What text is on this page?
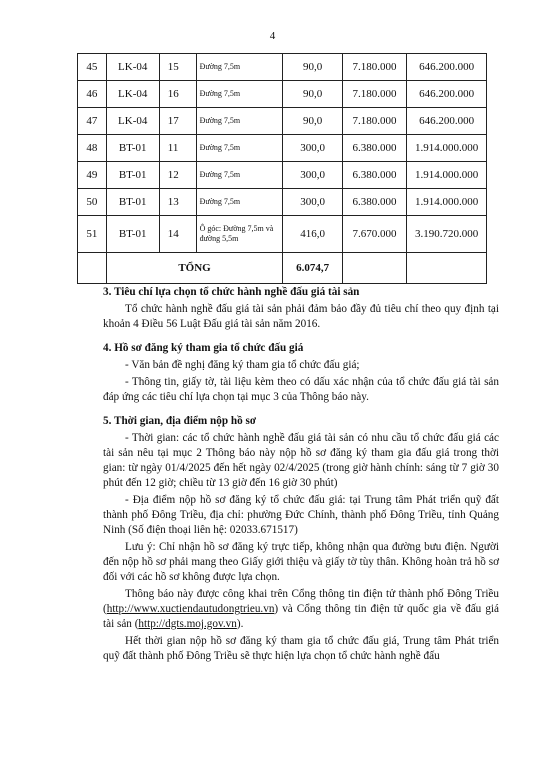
4
45	LK-04	15	Đường 7,5m	90,0	7.180.000	646.200.000
46	LK-04	16	Đường 7,5m	90,0	7.180.000	646.200.000
47	LK-04	17	Đường 7,5m	90,0	7.180.000	646.200.000
48	BT-01	11	Đường 7,5m	300,0	6.380.000	1.914.000.000
49	BT-01	12	Đường 7,5m	300,0	6.380.000	1.914.000.000
50	BT-01	13	Đường 7,5m	300,0	6.380.000	1.914.000.000
51	BT-01	14	Ô góc: Đường 7,5m và đường 5,5m	416,0	7.670.000	3.190.720.000
	TỔNG			6.074,7		

3. Tiêu chí lựa chọn tổ chức hành nghề đấu giá tài sản

Tổ chức hành nghề đấu giá tài sản phải đảm bảo đầy đủ tiêu chí theo quy định tại khoản 4 Điều 56 Luật Đấu giá tài sản năm 2016.

4. Hồ sơ đăng ký tham gia tổ chức đấu giá

- Văn bản đề nghị đăng ký tham gia tổ chức đấu giá;

- Thông tin, giấy tờ, tài liệu kèm theo có dấu xác nhận của tổ chức đấu giá tài sản đáp ứng các tiêu chí lựa chọn tại mục 3 của Thông báo này.

5. Thời gian, địa điểm nộp hồ sơ

- Thời gian: các tổ chức hành nghề đấu giá tài sản có nhu cầu tổ chức đấu giá các tài sản nêu tại mục 2 Thông báo này nộp hồ sơ đăng ký tham gia đấu giá trong thời gian: từ ngày 01/4/2025 đến hết ngày 02/4/2025 (trong giờ hành chính: sáng từ 7 giờ 30 phút đến 12 giờ; chiều từ 13 giờ đến 16 giờ 30 phút)

- Địa điểm nộp hồ sơ đăng ký tổ chức đấu giá: tại Trung tâm Phát triển quỹ đất thành phố Đông Triều, địa chỉ: phường Đức Chính, thành phố Đông Triều, tỉnh Quảng Ninh (Số điện thoại liên hệ: 02033.671517)

Lưu ý: Chỉ nhận hồ sơ đăng ký trực tiếp, không nhận qua đường bưu điện. Người đến nộp hồ sơ phải mang theo Giấy giới thiệu và giấy tờ tùy thân. Không hoàn trả hồ sơ đối với các hồ sơ không được lựa chọn.

Thông báo này được công khai trên Cổng thông tin điện tử thành phố Đông Triều (http://www.xuctiendautudongtrieu.vn) và Cổng thông tin điện tử quốc gia về đấu giá tài sản (http://dgts.moj.gov.vn).

Hết thời gian nộp hồ sơ đăng ký tham gia tổ chức đấu giá, Trung tâm Phát triển quỹ đất thành phố Đông Triều sẽ thực hiện lựa chọn tổ chức hành nghề đấu
